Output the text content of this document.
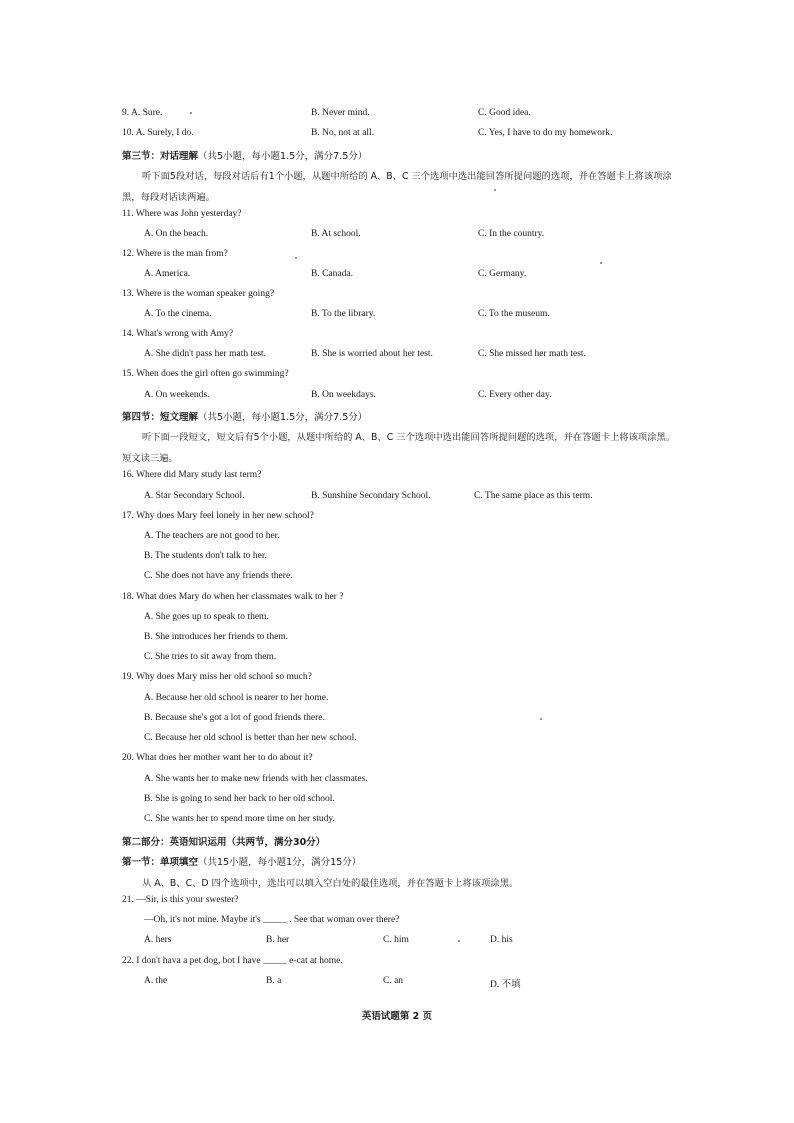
9. A. Sure.	B. Never mind.	C. Good idea.
10. A. Surely, I do.	B. No, not at all.	C. Yes, I have to do my homework.
第三节：对话理解（共5小题，每小题1.5分，满分7.5分）
听下面5段对话，每段对话后有1个小题，从题中所给的 A、B、C 三个选项中选出能回答所提问题的选项，并在答题卡上将该项涂黑，每段对话读两遍。
11. Where was John yesterday?
A. On the beach.	B. At school.	C. In the country.
12. Where is the man from?
A. America.	B. Canada.	C. Germany.
13. Where is the woman speaker going?
A. To the cinema.	B. To the library.	C. To the museum.
14. What's wrong with Amy?
A. She didn't pass her math test.	B. She is worried about her test.	C. She missed her math test.
15. When does the girl often go swimming?
A. On weekends.	B. On weekdays.	C. Every other day.
第四节：短文理解（共5小题，每小题1.5分，满分7.5分）
听下面一段短文，短文后有5个小题，从题中所给的 A、B、C 三个选项中选出能回答所提问题的选项，并在答题卡上将该项涂黑。短文读三遍。
16. Where did Mary study last term?
A. Star Secondary School.	B. Sunshine Secondary School.	C. The same place as this term.
17. Why does Mary feel lonely in her new school?
A. The teachers are not good to her.
B. The students don't talk to her.
C. She does not have any friends there.
18. What does Mary do when her classmates walk to her ?
A. She goes up to speak to them.
B. She introduces her friends to them.
C. She tries to sit away from them.
19. Why does Mary miss her old school so much?
A. Because her old school is nearer to her home.
B. Because she's got a lot of good friends there.
C. Because her old school is better than her new school.
20. What does her mother want her to do about it?
A. She wants her to make new friends with her classmates.
B. She is going to send her back to her old school.
C. She wants her to spend more time on her study.
第二部分：英语知识运用（共两节，满分30分）
第一节：单项填空（共15小题，每小题1分，满分15分）
从 A、B、C、D 四个选项中，选出可以填入空白处的最佳选项，并在答题卡上将该项涂黑。
21. —Sir, is this your swester?
—Oh, it's not mine. Maybe it's _____ . See that woman over there?
A. hers	B. her	C. him	D. his
22. I don't hava a pet dog, bot I have _____ e-cat at home.
A. the	B. a	C. an	D. 不填
英语试题第 2 页
